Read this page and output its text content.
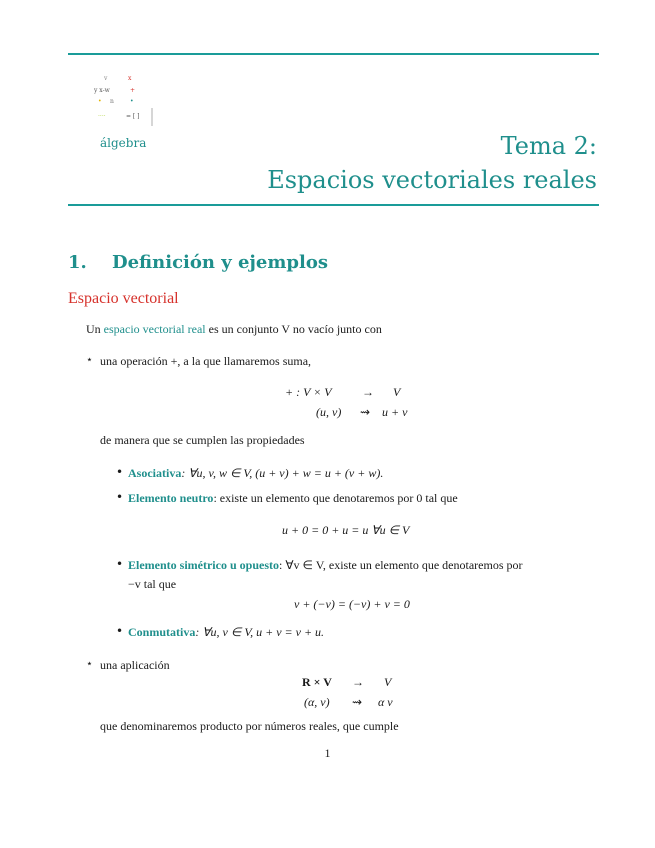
v	x
y x-w	+
• n	•
····	= [ ]
álgebra	Tema 2:
Espacios vectoriales reales
1. Definición y ejemplos
Espacio vectorial
Un espacio vectorial real es un conjunto V no vacío junto con
⋆ una operación +, a la que llamaremos suma,
+ : V × V	→ V
(u, v) ⇝ u + v
de manera que se cumplen las propiedades
• Asociativa: ∀u, v, w ∈ V, (u + v) + w = u + (v + w).
• Elemento neutro: existe un elemento que denotaremos por 0 tal que
u + 0 = 0 + u = u ∀u ∈ V
• Elemento simétrico u opuesto: ∀v ∈ V, existe un elemento que denotaremos por
−v tal que
v + (−v) = (−v) + v = 0
• Conmutativa: ∀u, v ∈ V, u + v = v + u.
⋆ una aplicación
R × V → V
(α, v) ⇝ α v
que denominaremos producto por números reales, que cumple
1
